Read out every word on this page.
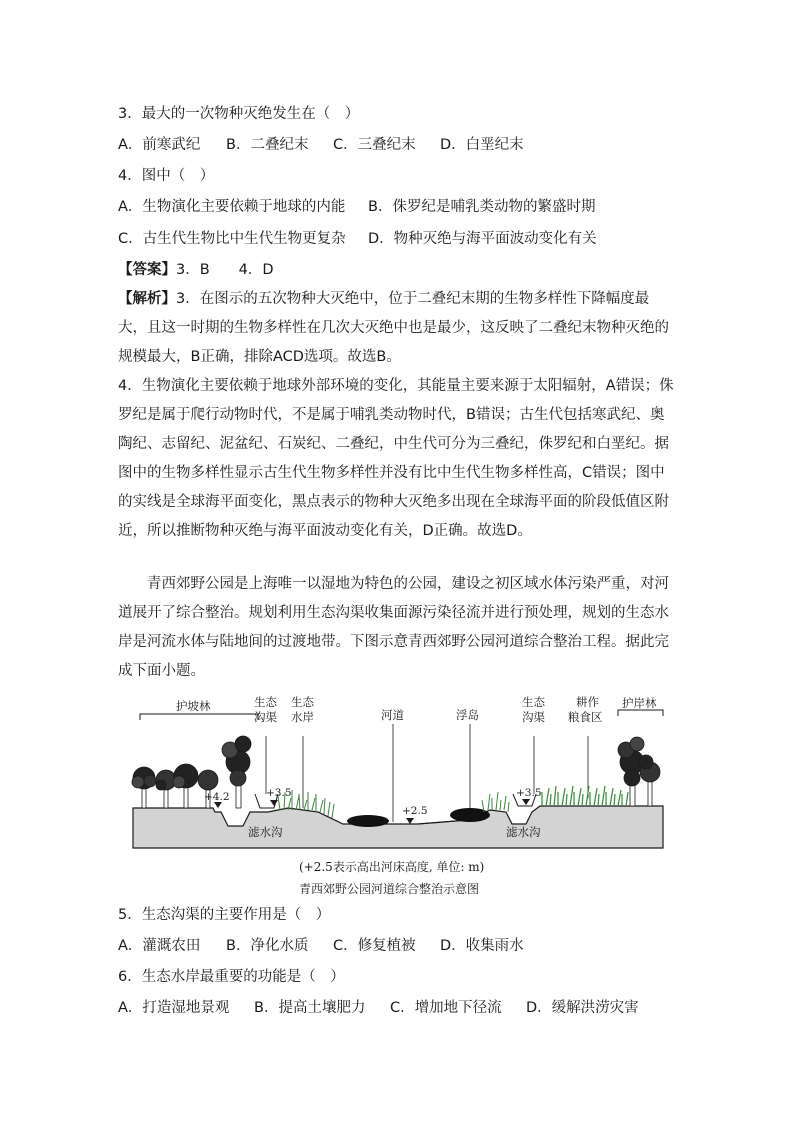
3．最大的一次物种灭绝发生在（　）
A．前寒武纪 B．二叠纪末 C．三叠纪末 D．白垩纪末
4．图中（　）
A．生物演化主要依赖于地球的内能 B．侏罗纪是哺乳类动物的繁盛时期
C．古生代生物比中生代生物更复杂 D．物种灭绝与海平面波动变化有关
【答案】3．B　　4．D
【解析】3．在图示的五次物种大灭绝中，位于二叠纪末期的生物多样性下降幅度最大，且这一时期的生物多样性在几次大灭绝中也是最少，这反映了二叠纪末物种灭绝的规模最大，B正确，排除ACD选项。故选B。
4．生物演化主要依赖于地球外部环境的变化，其能量主要来源于太阳辐射，A错误；侏罗纪是属于爬行动物时代，不是属于哺乳类动物时代，B错误；古生代包括寒武纪、奥陶纪、志留纪、泥盆纪、石炭纪、二叠纪，中生代可分为三叠纪，侏罗纪和白垩纪。据图中的生物多样性显示古生代生物多样性并没有比中生代生物多样性高，C错误；图中的实线是全球海平面变化，黑点表示的物种大灭绝多出现在全球海平面的阶段低值区附近，所以推断物种灭绝与海平面波动变化有关，D正确。故选D。
青西郊野公园是上海唯一以湿地为特色的公园，建设之初区域水体污染严重，对河道展开了综合整治。规划利用生态沟渠收集面源污染径流并进行预处理，规划的生态水岸是河流水体与陆地间的过渡地带。下图示意青西郊野公园河道综合整治工程。据此完成下面小题。
护坡林	生态
沟渠
生态
水岸	河道	浮岛
生态
沟渠
耕作
粮食区
护岸林
+4.2	+3.5
+2.5
+3.5
滤水沟	滤水沟
(+2.5表示高出河床高度, 单位: m)
青西郊野公园河道综合整治示意图
5．生态沟渠的主要作用是（　）
A．灌溉农田 B．净化水质 C．修复植被 D．收集雨水
6．生态水岸最重要的功能是（　）
A．打造湿地景观 B．提高土壤肥力 C．增加地下径流 D．缓解洪涝灾害
